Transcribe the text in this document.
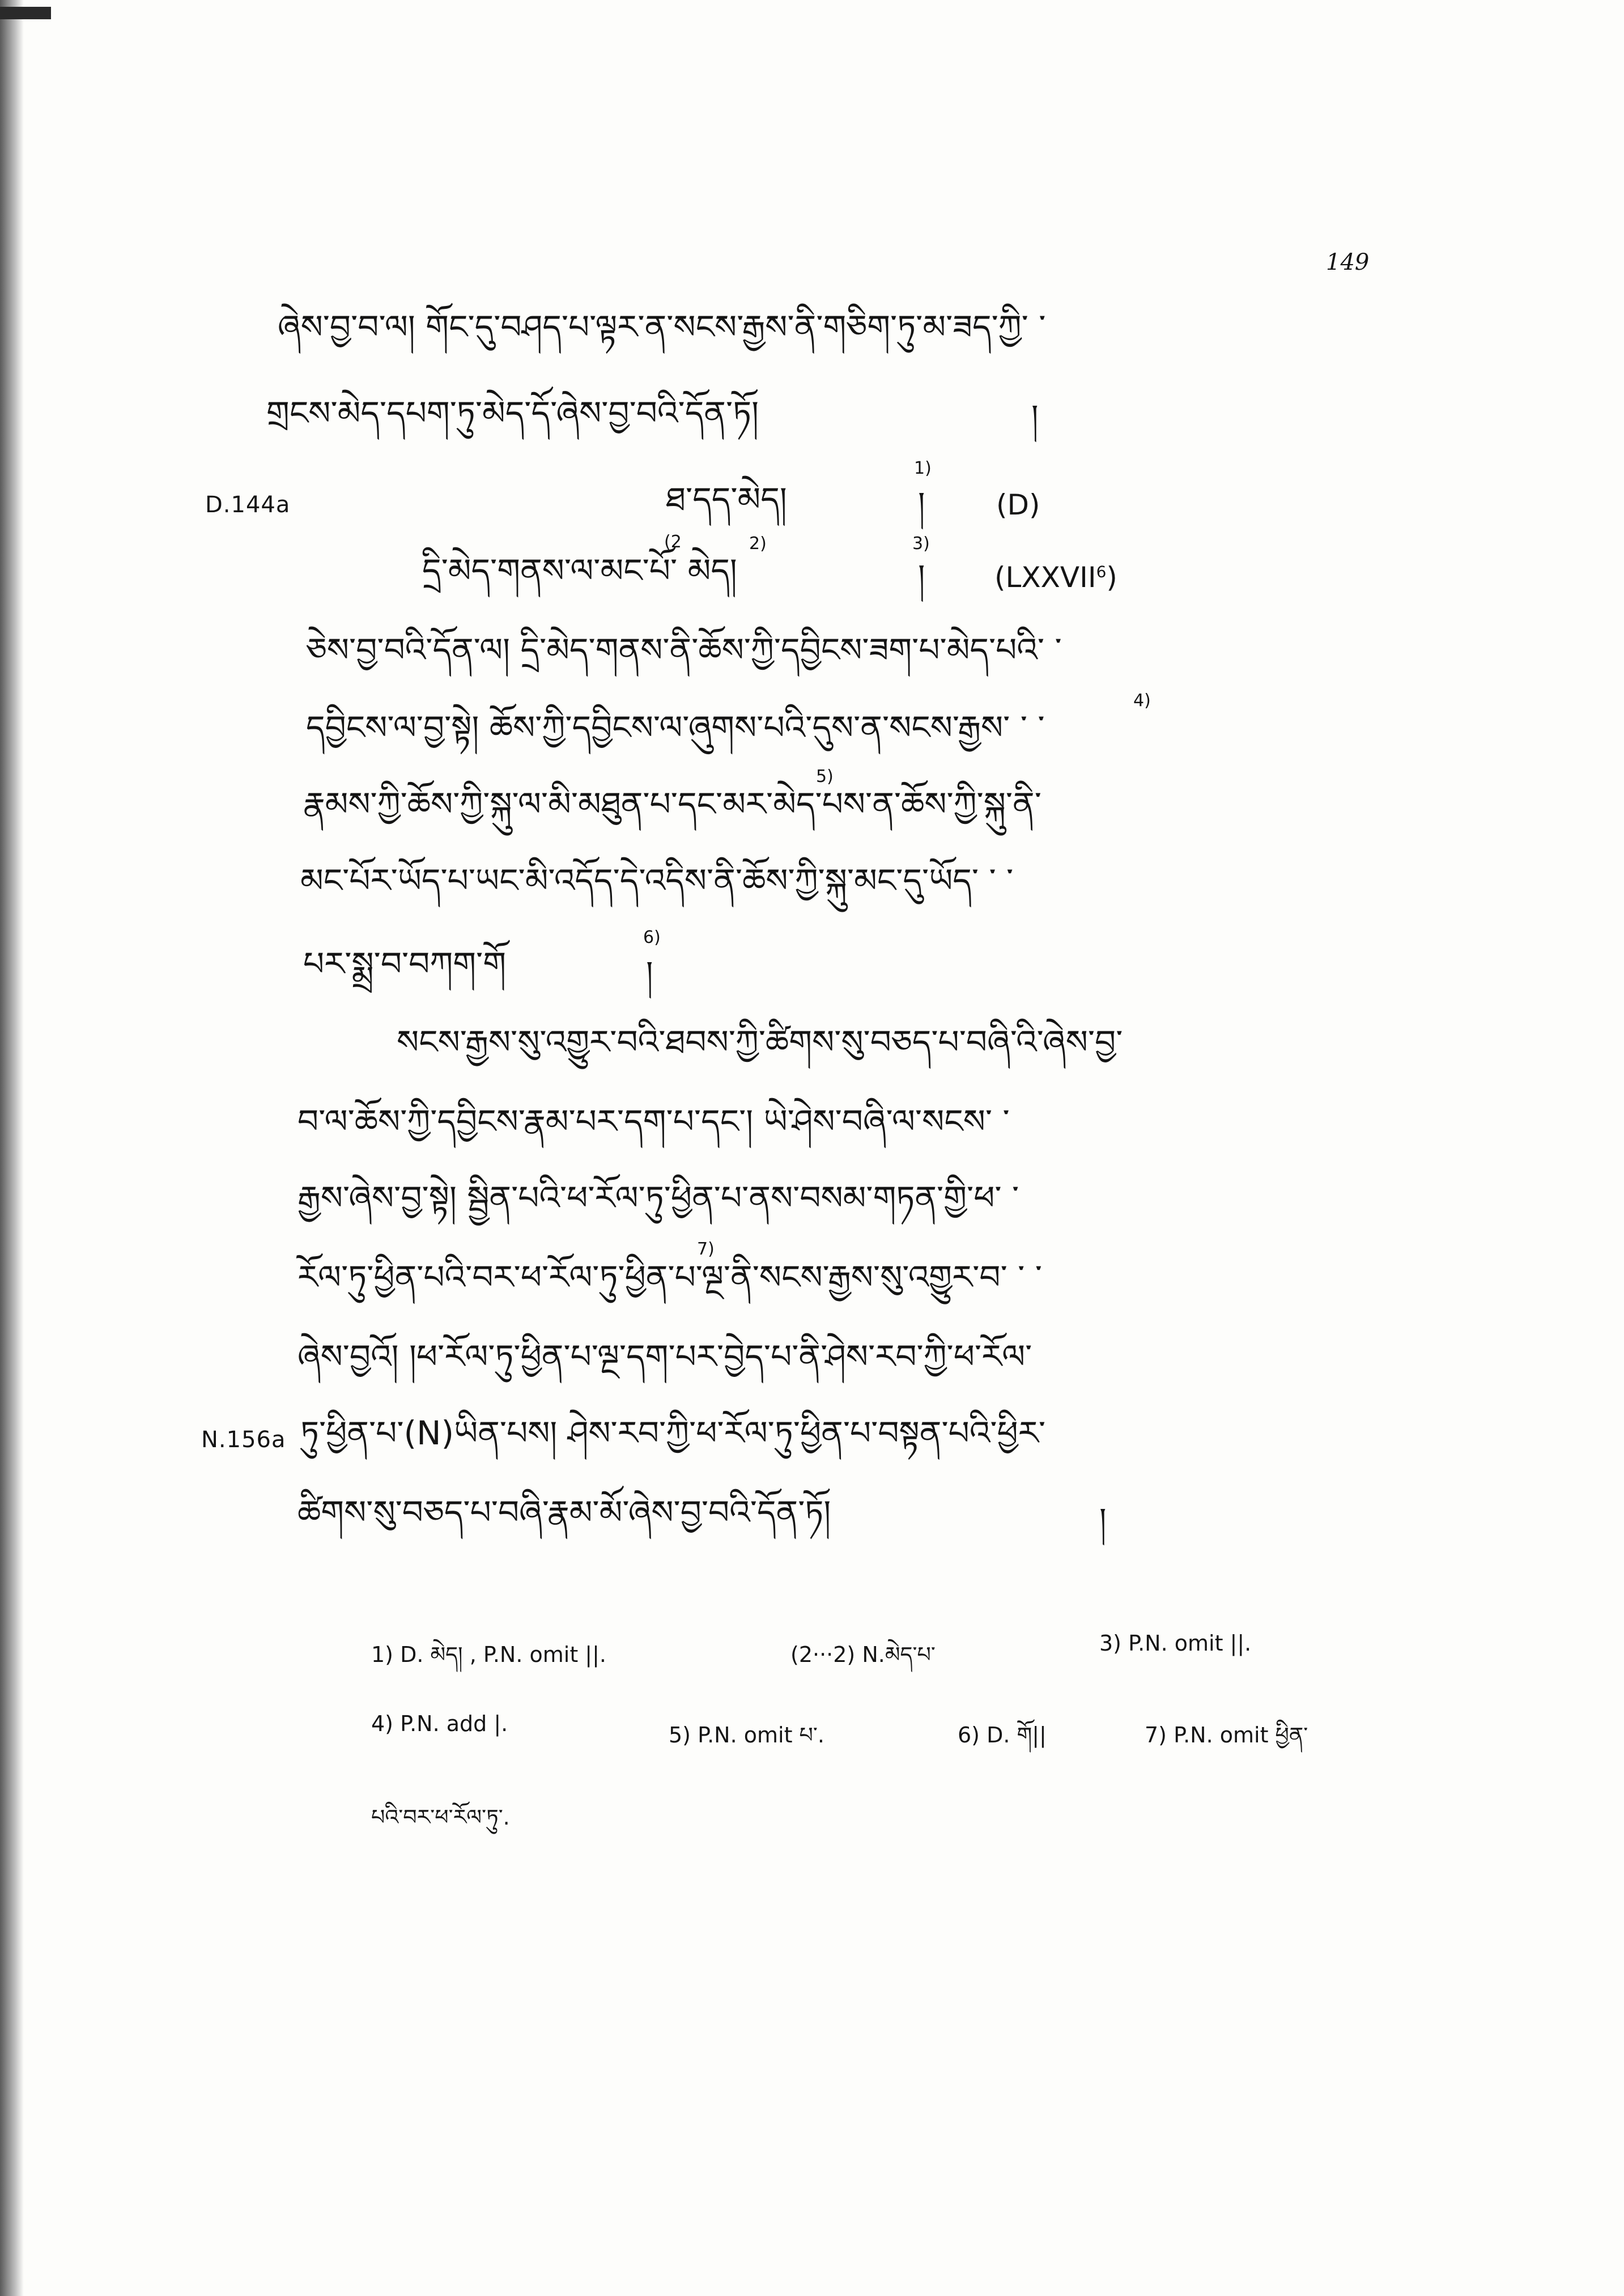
149
ཞེས་བྱ་བ་ལ། གོང་དུ་བཤད་པ་ལྟར་ན་སངས་རྒྱས་ནི་གཅིག་ཏུ་མ་ཟད་ཀྱི་ ་
གྲངས་མེད་དཔག་ཏུ་མེད་དོ་ཞེས་བྱ་བའི་དོན་ཏོ།	།
D.144a	ཐ་དད་མེད།
1)
།	(D)
དྲི་མེད་གནས་ལ་མང་པོ་ མེད།
(2	2)	3)
། (LXXVII$^6$)
ཅེས་བྱ་བའི་དོན་ལ། དྲི་མེད་གནས་ནི་ཆོས་ཀྱི་དབྱིངས་ཟག་པ་མེད་པའི་ ་
དབྱིངས་ལ་བྱ་སྟེ། ཆོས་ཀྱི་དབྱིངས་ལ་ཞུགས་པའི་དུས་ན་སངས་རྒྱས་ ་ ་
4)
རྣམས་ཀྱི་ཆོས་ཀྱི་སྐུ་ལ་མི་མཐུན་པ་དང་མར་མེད་པས་ན་ཆོས་ཀྱི་སྐུ་ནི་
5)
མང་པོར་ཡོད་པ་ཡང་མི་འདོད་དེ་འདིས་ནི་ཆོས་ཀྱི་སྐུ་མང་དུ་ཡོད་ ་ ་
པར་སྨྲ་བ་བཀག་གོ
6)
།
སངས་རྒྱས་སུ་འགྱུར་བའི་ཐབས་ཀྱི་ཚིགས་སུ་བཅད་པ་བཞི་འི་ཞེས་བྱ་
བ་ལ་ཆོས་ཀྱི་དབྱིངས་རྣམ་པར་དག་པ་དང་། ཡེ་ཤེས་བཞི་ལ་སངས་ ་
རྒྱས་ཞེས་བྱ་སྟེ། སྦྱིན་པའི་ཕ་རོལ་ཏུ་ཕྱིན་པ་ནས་བསམ་གཏན་གྱི་ཕ་ ་
རོལ་ཏུ་ཕྱིན་པའི་བར་ཕ་རོལ་ཏུ་ཕྱིན་པ་ལྔ་ནི་སངས་རྒྱས་སུ་འགྱུར་བ་ ་ ་
7)
ཞེས་བྱའོ། །ཕ་རོལ་ཏུ་ཕྱིན་པ་ལྔ་དག་པར་བྱེད་པ་ནི་ཤེས་རབ་ཀྱི་ཕ་རོལ་
N.156a ཏུ་ཕྱིན་པ་(N)ཡིན་པས། ཤེས་རབ་ཀྱི་ཕ་རོལ་ཏུ་ཕྱིན་པ་བསྟན་པའི་ཕྱིར་
ཚིགས་སུ་བཅད་པ་བཞི་རྣམ་མོ་ཞེས་བྱ་བའི་དོན་ཏོ།	།
1) D. མེད། , P.N. omit ||.	(2···2) N.མེད་པ་	3) P.N. omit ||.
4) P.N. add |.	5) P.N. omit པ་.	6) D. གོ||	7) P.N. omit ཕྱིན་
པའི་བར་ཕ་རོལ་ཏུ་.
